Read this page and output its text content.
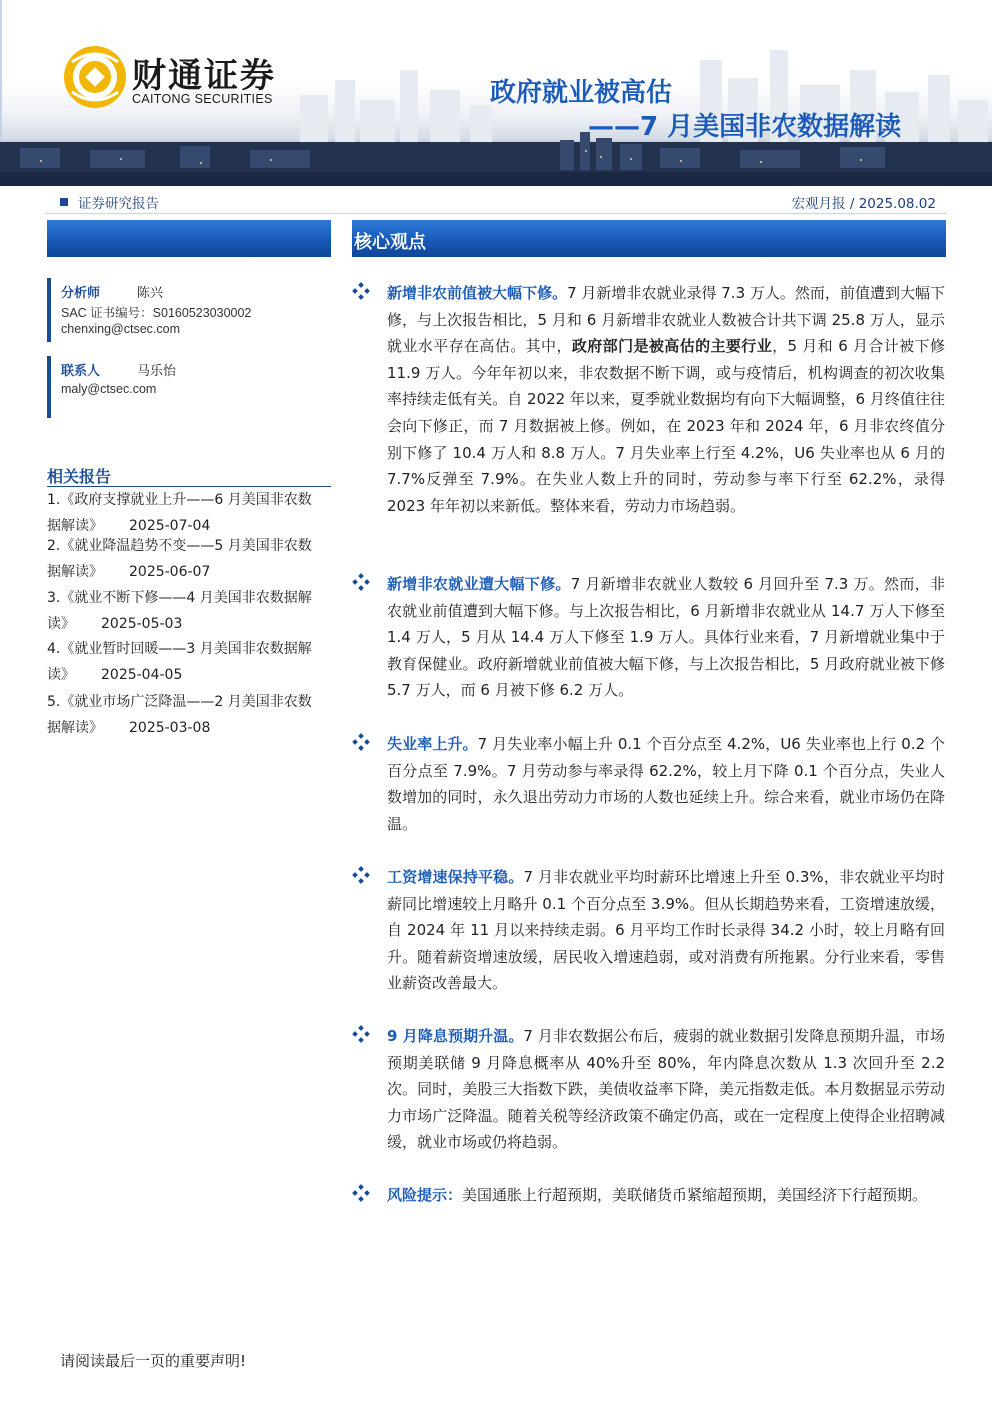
财通证券
CAITONG SECURITIES	政府就业被高估
——7 月美国非农数据解读
证券研究报告	宏观月报 / 2025.08.02
核心观点
分析师	陈兴
SAC 证书编号：S0160523030002
chenxing@ctsec.com
联系人	马乐怡
maly@ctsec.com
相关报告
1.《政府支撑就业上升——6 月美国非农数
据解读》 2025-07-04
2.《就业降温趋势不变——5 月美国非农数
据解读》 2025-06-07
3.《就业不断下修——4 月美国非农数据解
读》 2025-05-03
4.《就业暂时回暖——3 月美国非农数据解
读》 2025-04-05
5.《就业市场广泛降温——2 月美国非农数
据解读》 2025-03-08
新增非农前值被大幅下修。7 月新增非农就业录得 7.3 万人。然而，前值遭到大幅下修，与上次报告相比，5 月和 6 月新增非农就业人数被合计共下调 25.8 万人，显示就业水平存在高估。其中，政府部门是被高估的主要行业，5 月和 6 月合计被下修 11.9 万人。今年年初以来，非农数据不断下调，或与疫情后，机构调查的初次收集率持续走低有关。自 2022 年以来，夏季就业数据均有向下大幅调整，6 月终值往往会向下修正，而 7 月数据被上修。例如，在 2023 年和 2024 年，6 月非农终值分别下修了 10.4 万人和 8.8 万人。7 月失业率上行至 4.2%，U6 失业率也从 6 月的 7.7%反弹至 7.9%。在失业人数上升的同时，劳动参与率下行至 62.2%，录得 2023 年年初以来新低。整体来看，劳动力市场趋弱。
新增非农就业遭大幅下修。7 月新增非农就业人数较 6 月回升至 7.3 万。然而，非农就业前值遭到大幅下修。与上次报告相比，6 月新增非农就业从 14.7 万人下修至 1.4 万人，5 月从 14.4 万人下修至 1.9 万人。具体行业来看，7 月新增就业集中于教育保健业。政府新增就业前值被大幅下修，与上次报告相比，5 月政府就业被下修 5.7 万人，而 6 月被下修 6.2 万人。
失业率上升。7 月失业率小幅上升 0.1 个百分点至 4.2%，U6 失业率也上行 0.2 个百分点至 7.9%。7 月劳动参与率录得 62.2%，较上月下降 0.1 个百分点，失业人数增加的同时，永久退出劳动力市场的人数也延续上升。综合来看，就业市场仍在降温。
工资增速保持平稳。7 月非农就业平均时薪环比增速上升至 0.3%，非农就业平均时薪同比增速较上月略升 0.1 个百分点至 3.9%。但从长期趋势来看，工资增速放缓，自 2024 年 11 月以来持续走弱。6 月平均工作时长录得 34.2 小时，较上月略有回升。随着薪资增速放缓，居民收入增速趋弱，或对消费有所拖累。分行业来看，零售业薪资改善最大。
9 月降息预期升温。7 月非农数据公布后，疲弱的就业数据引发降息预期升温，市场预期美联储 9 月降息概率从 40%升至 80%，年内降息次数从 1.3 次回升至 2.2 次。同时，美股三大指数下跌，美债收益率下降，美元指数走低。本月数据显示劳动力市场广泛降温。随着关税等经济政策不确定仍高，或在一定程度上使得企业招聘减缓，就业市场或仍将趋弱。
风险提示：美国通胀上行超预期，美联储货币紧缩超预期，美国经济下行超预期。
请阅读最后一页的重要声明!
